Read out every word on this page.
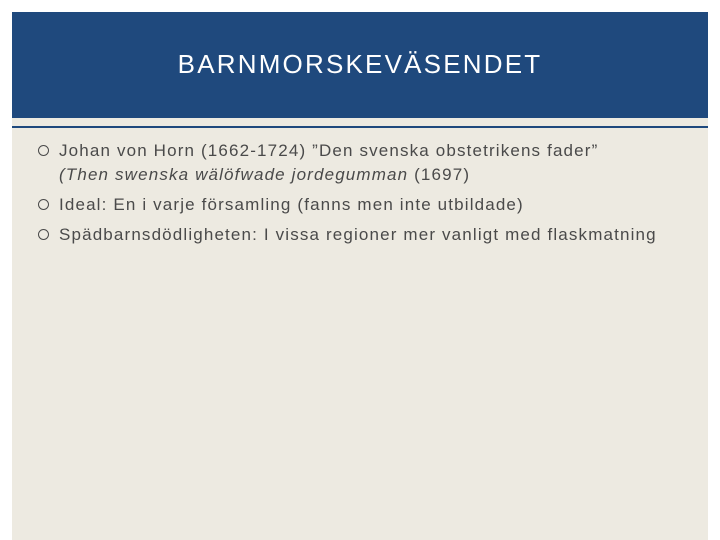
BARNMORSKEVÄSENDET
Johan von Horn (1662-1724) ”Den svenska obstetrikens fader”
(Then swenska wälöfwade jordegumman (1697)
Ideal: En i varje församling (fanns men inte utbildade)
Spädbarnsdödligheten: I vissa regioner mer vanligt med flaskmatning
